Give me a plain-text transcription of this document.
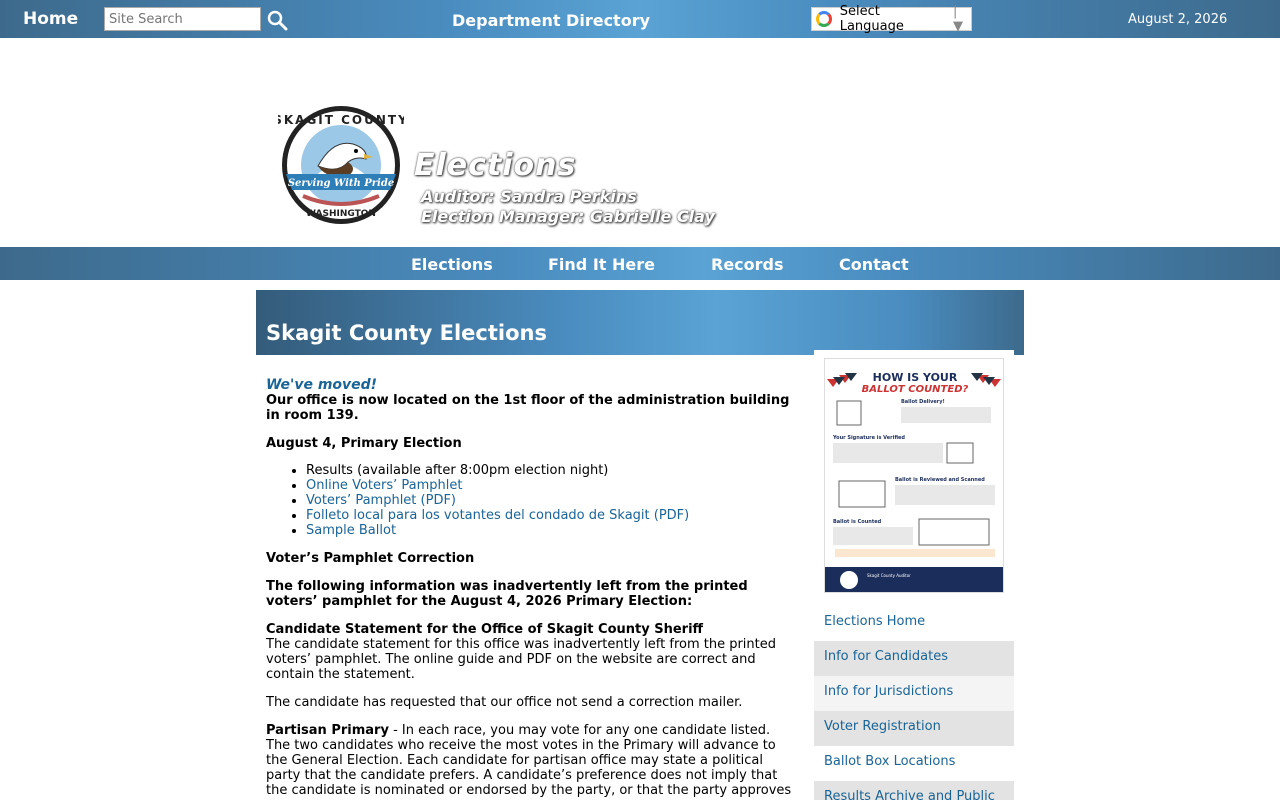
Home
Site Search	Department Directory	Select Language
| ▼	August 2, 2026
Serving With Pride
SKAGIT COUNTY
WASHINGTON
Elections
Auditor: Sandra Perkins
Election Manager: Gabrielle Clay
Elections	Find It Here	Records	Contact
Skagit County Elections
We've moved!

Our office is now located on the 1st floor of the administration building in room 139.

August 4, Primary Election

• Results (available after 8:00pm election night)
• Online Voters’ Pamphlet
• Voters’ Pamphlet (PDF)
• Folleto local para los votantes del condado de Skagit (PDF)
• Sample Ballot

Voter’s Pamphlet Correction

The following information was inadvertently left from the printed voters’ pamphlet for the August 4, 2026 Primary Election:

Candidate Statement for the Office of Skagit County Sheriff
The candidate statement for this office was inadvertently left from the printed voters’ pamphlet. The online guide and PDF on the website are correct and contain the statement.

The candidate has requested that our office not send a correction mailer.

Partisan Primary - In each race, you may vote for any one candidate listed. The two candidates who receive the most votes in the Primary will advance to the General Election. Each candidate for partisan office may state a political party that the candidate prefers. A candidate’s preference does not imply that the candidate is nominated or endorsed by the party, or that the party approves

HOW IS YOUR
BALLOT COUNTED?
Ballot Delivery!
Your Signature is Verified
Ballot is Reviewed and Scanned
Ballot is Counted
Skagit County Auditor
Elections Home
Info for Candidates
Info for Jurisdictions
Voter Registration
Ballot Box Locations
Results Archive and Public
